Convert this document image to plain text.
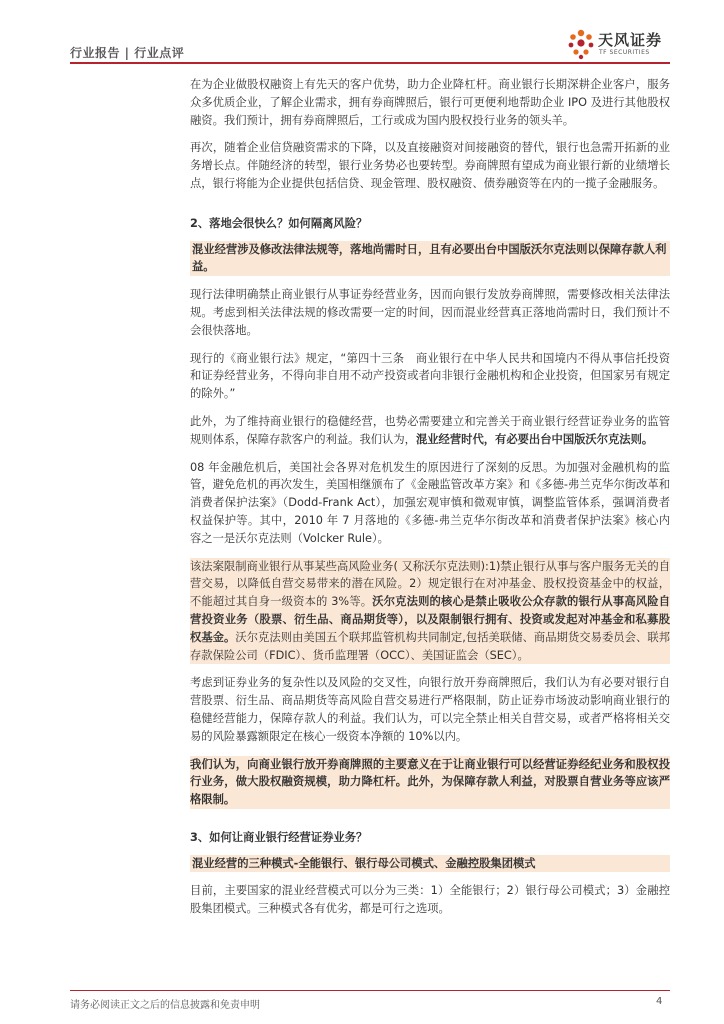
行业报告 | 行业点评
天风证券
TF SECURITIES

在为企业做股权融资上有先天的客户优势，助力企业降杠杆。商业银行长期深耕企业客户，服务众多优质企业，了解企业需求，拥有券商牌照后，银行可更便利地帮助企业 IPO 及进行其他股权融资。我们预计，拥有券商牌照后，工行或成为国内股权投行业务的领头羊。

再次，随着企业信贷融资需求的下降，以及直接融资对间接融资的替代，银行也急需开拓新的业务增长点。伴随经济的转型，银行业务势必也要转型。券商牌照有望成为商业银行新的业绩增长点，银行将能为企业提供包括信贷、现金管理、股权融资、债券融资等在内的一揽子金融服务。

2、落地会很快么？如何隔离风险？

混业经营涉及修改法律法规等，落地尚需时日，且有必要出台中国版沃尔克法则以保障存款人利益。

现行法律明确禁止商业银行从事证券经营业务，因而向银行发放券商牌照，需要修改相关法律法规。考虑到相关法律法规的修改需要一定的时间，因而混业经营真正落地尚需时日，我们预计不会很快落地。

现行的《商业银行法》规定，“第四十三条　商业银行在中华人民共和国境内不得从事信托投资和证券经营业务，不得向非自用不动产投资或者向非银行金融机构和企业投资，但国家另有规定的除外。”

此外，为了维持商业银行的稳健经营，也势必需要建立和完善关于商业银行经营证券业务的监管规则体系，保障存款客户的利益。我们认为，混业经营时代，有必要出台中国版沃尔克法则。

08 年金融危机后，美国社会各界对危机发生的原因进行了深刻的反思。为加强对金融机构的监管，避免危机的再次发生，美国相继颁布了《金融监管改革方案》和《多德-弗兰克华尔街改革和消费者保护法案》（Dodd-Frank Act），加强宏观审慎和微观审慎，调整监管体系，强调消费者权益保护等。其中，2010 年 7 月落地的《多德-弗兰克华尔街改革和消费者保护法案》核心内容之一是沃尔克法则（Volcker Rule）。

该法案限制商业银行从事某些高风险业务( 又称沃尔克法则):1)禁止银行从事与客户服务无关的自营交易，以降低自营交易带来的潜在风险。2）规定银行在对冲基金、股权投资基金中的权益，不能超过其自身一级资本的 3%等。沃尔克法则的核心是禁止吸收公众存款的银行从事高风险自营投资业务（股票、衍生品、商品期货等），以及限制银行拥有、投资或发起对冲基金和私募股权基金。沃尔克法则由美国五个联邦监管机构共同制定,包括美联储、商品期货交易委员会、联邦存款保险公司（FDIC）、货币监理署（OCC）、美国证监会（SEC）。

考虑到证券业务的复杂性以及风险的交叉性，向银行放开券商牌照后，我们认为有必要对银行自营股票、衍生品、商品期货等高风险自营交易进行严格限制，防止证券市场波动影响商业银行的稳健经营能力，保障存款人的利益。我们认为，可以完全禁止相关自营交易，或者严格将相关交易的风险暴露额限定在核心一级资本净额的 10%以内。

我们认为，向商业银行放开券商牌照的主要意义在于让商业银行可以经营证券经纪业务和股权投行业务，做大股权融资规模，助力降杠杆。此外，为保障存款人利益，对股票自营业务等应该严格限制。

3、如何让商业银行经营证券业务？

混业经营的三种模式-全能银行、银行母公司模式、金融控股集团模式

目前，主要国家的混业经营模式可以分为三类：1）全能银行；2）银行母公司模式；3）金融控股集团模式。三种模式各有优劣，都是可行之选项。

请务必阅读正文之后的信息披露和免责申明	4
